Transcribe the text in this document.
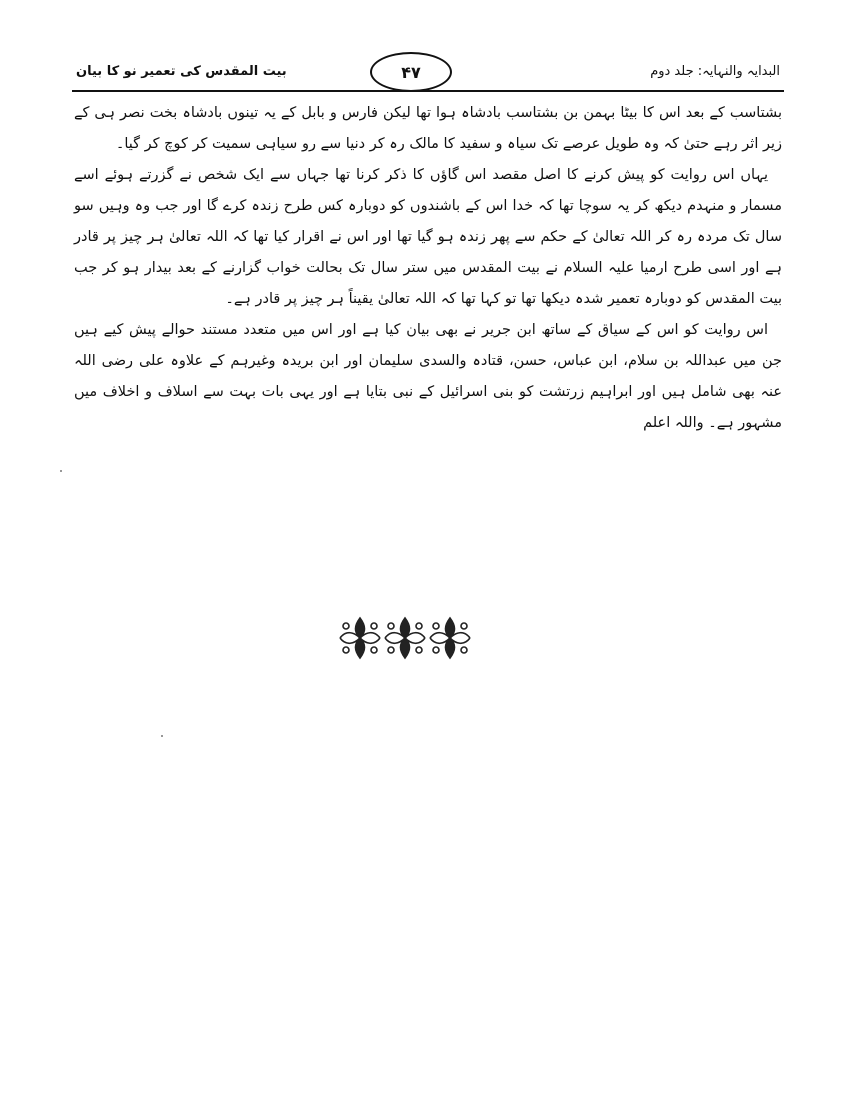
بیت المقدس کی تعمیر نو کا بیان	۴۷	البدایہ والنہایہ: جلد دوم

بشتاسب کے بعد اس کا بیٹا بہمن بن بشتاسب بادشاہ ہوا تھا لیکن فارس و بابل کے یہ تینوں بادشاہ بخت نصر ہی کے زیر اثر رہے حتیٰ کہ وہ طویل عرصے تک سیاہ و سفید کا مالک رہ کر دنیا سے رو سیاہی سمیت کر کوچ کر گیا۔

یہاں اس روایت کو پیش کرنے کا اصل مقصد اس گاؤں کا ذکر کرنا تھا جہاں سے ایک شخص نے گزرتے ہوئے اسے مسمار و منہدم دیکھ کر یہ سوچا تھا کہ خدا اس کے باشندوں کو دوبارہ کس طرح زندہ کرے گا اور جب وہ وہیں سو سال تک مردہ رہ کر اللہ تعالیٰ کے حکم سے پھر زندہ ہو گیا تھا اور اس نے اقرار کیا تھا کہ اللہ تعالیٰ ہر چیز پر قادر ہے اور اسی طرح ارمیا علیہ السلام نے بیت المقدس میں ستر سال تک بحالت خواب گزارنے کے بعد بیدار ہو کر جب بیت المقدس کو دوبارہ تعمیر شدہ دیکھا تھا تو کہا تھا کہ اللہ تعالیٰ یقیناً ہر چیز پر قادر ہے۔

اس روایت کو اس کے سیاق کے ساتھ ابن جریر نے بھی بیان کیا ہے اور اس میں متعدد مستند حوالے پیش کیے ہیں جن میں عبداللہ بن سلام، ابن عباس، حسن، قتادہ والسدی سلیمان اور ابن بریدہ وغیرہم کے علاوہ علی رضی اللہ عنہ بھی شامل ہیں اور ابراہیم زرتشت کو بنی اسرائیل کے نبی بتایا ہے اور یہی بات بہت سے اسلاف و اخلاف میں مشہور ہے۔ واللہ اعلم
